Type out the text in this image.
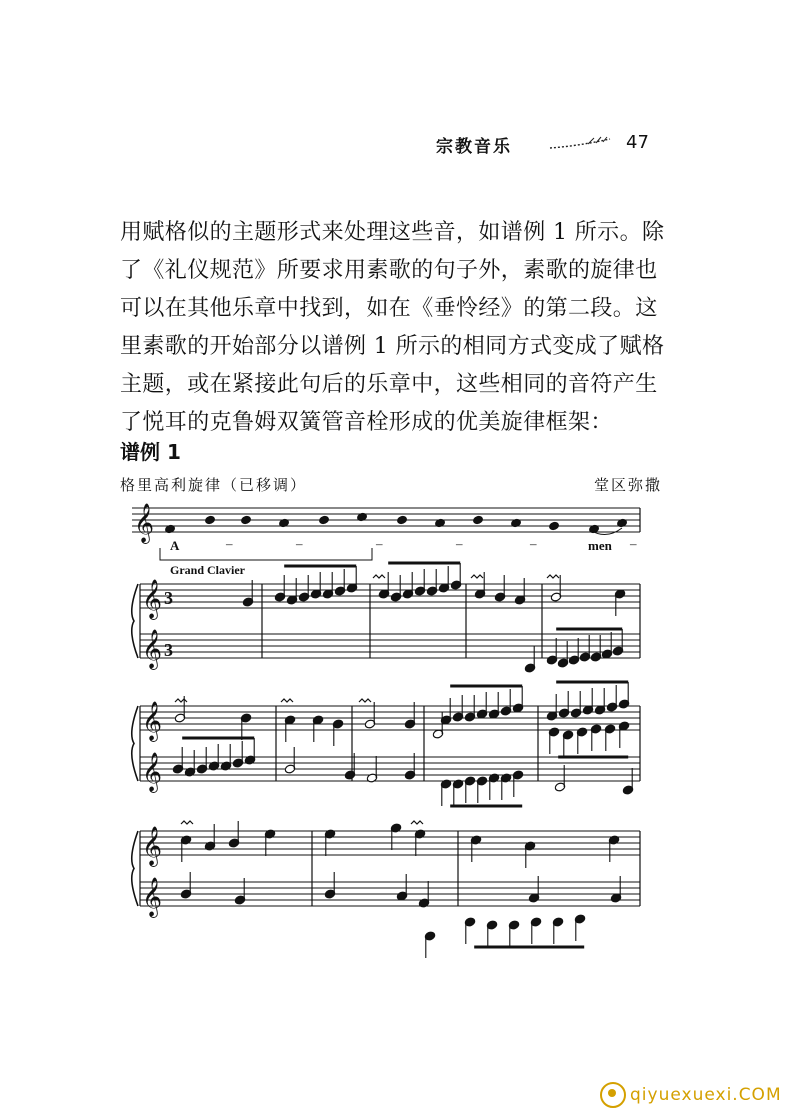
宗教音乐	47
用赋格似的主题形式来处理这些音，如谱例 1 所示。除
了《礼仪规范》所要求用素歌的句子外，素歌的旋律也
可以在其他乐章中找到，如在《垂怜经》的第二段。这
里素歌的开始部分以谱例 1 所示的相同方式变成了赋格
主题，或在紧接此句后的乐章中，这些相同的音符产生
了悦耳的克鲁姆双簧管音栓形成的优美旋律框架：
谱例 1
格里高利旋律（已移调）	堂区弥撒
𝄞
𝄞
𝄞
𝄞
𝄞
𝄞
𝄞
A	–	–	–	–	–	men –
Grand Clavier
3
3
qiyuexuexi.COM
